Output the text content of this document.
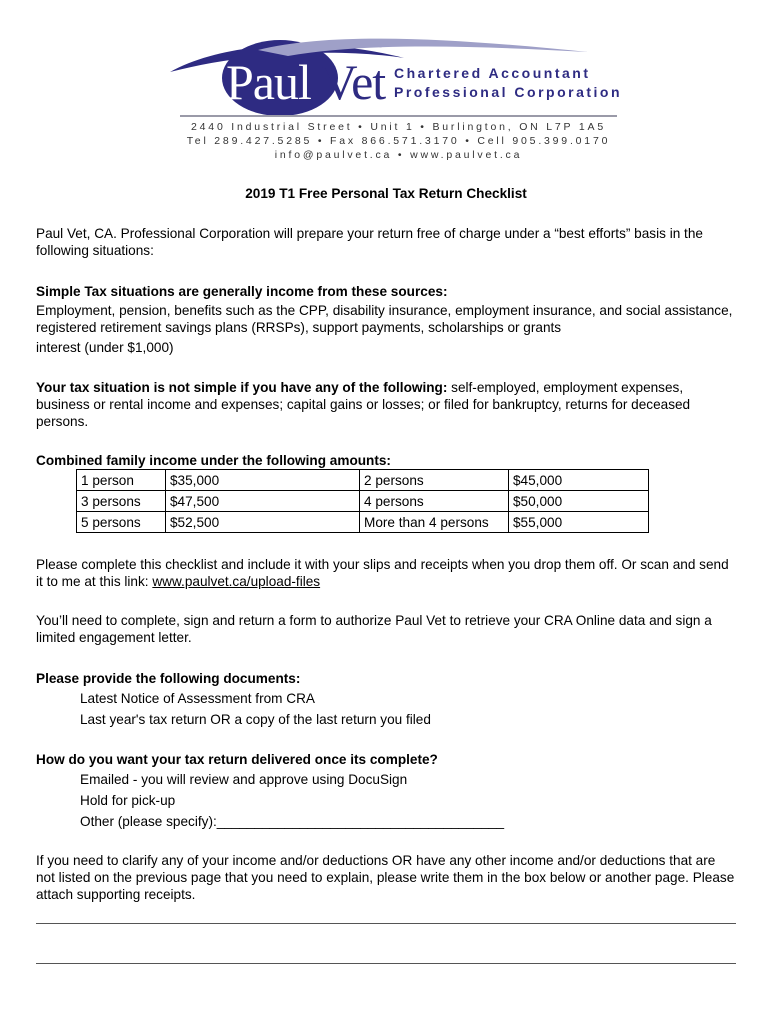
Paul Vet Chartered Accountant
Professional Corporation
2440 Industrial Street • Unit 1 • Burlington, ON L7P 1A5
Tel 289.427.5285 • Fax 866.571.3170 • Cell 905.399.0170
info@paulvet.ca • www.paulvet.ca
2019 T1 Free Personal Tax Return Checklist
Paul Vet, CA. Professional Corporation will prepare your return free of charge under a “best efforts” basis in the following situations:
Simple Tax situations are generally income from these sources:
Employment, pension, benefits such as the CPP, disability insurance, employment insurance, and social assistance, registered retirement savings plans (RRSPs), support payments, scholarships or grants
interest (under $1,000)
Your tax situation is not simple if you have any of the following: self-employed, employment expenses, business or rental income and expenses; capital gains or losses; or filed for bankruptcy, returns for deceased persons.
Combined family income under the following amounts:
1 person	$35,000	2 persons	$45,000
3 persons	$47,500	4 persons	$50,000
5 persons	$52,500	More than 4 persons	$55,000
Please complete this checklist and include it with your slips and receipts when you drop them off. Or scan and send it to me at this link: www.paulvet.ca/upload-files
You’ll need to complete, sign and return a form to authorize Paul Vet to retrieve your CRA Online data and sign a limited engagement letter.
Please provide the following documents:
Latest Notice of Assessment from CRA
Last year's tax return OR a copy of the last return you filed
How do you want your tax return delivered once its complete?
Emailed - you will review and approve using DocuSign
Hold for pick-up
Other (please specify):______________________________________
If you need to clarify any of your income and/or deductions OR have any other income and/or deductions that are not listed on the previous page that you need to explain, please write them in the box below or another page. Please attach supporting receipts.
